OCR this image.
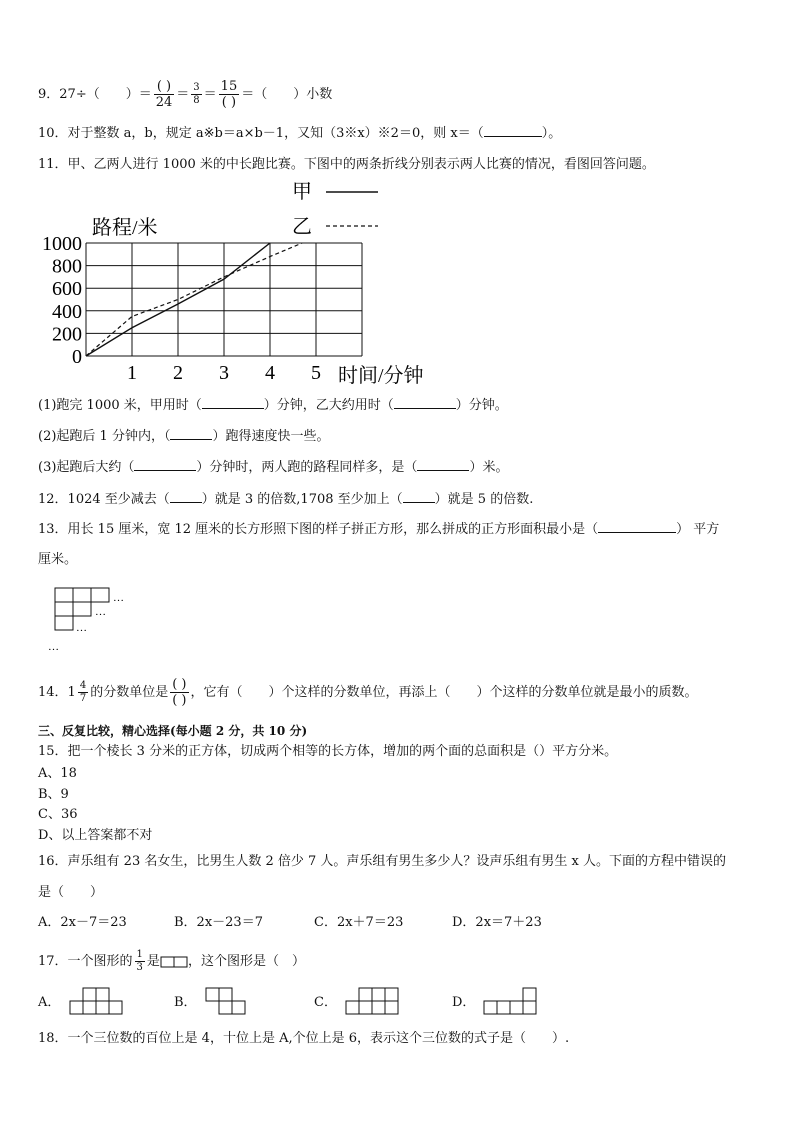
9．27÷（　　）＝ $\frac{( )}{24} = \frac{3}{8} = \frac{15}{( )}$ ＝（　　）小数
10．对于整数 a，b，规定 a※b＝a×b－1，又知（3※x）※2＝0，则 x＝（	）。
11．甲、乙两人进行 1000 米的中长跑比赛。下图中的两条折线分别表示两人比赛的情况，看图回答问题。
甲
乙
路程/米
时间/分钟
0
200
400
600
800
1000
1 2 3 4 5
(1)跑完 1000 米，甲用时（	）分钟，乙大约用时（	）分钟。
(2)起跑后 1 分钟内，（	）跑得速度快一些。
(3)起跑后大约（	）分钟时，两人跑的路程同样多，是（	）米。
12．1024 至少减去（ ）就是 3 的倍数,1708 至少加上（ ）就是 5 的倍数.
13．用长 15 厘米，宽 12 厘米的长方形照下图的样子拼正方形，那么拼成的正方形面积最小是（	） 平方
厘米。
…
…
…
…
14．$1 \frac{4}{7}$ 的分数单位是 $\frac{( )}{( )}$ ，它有（　　）个这样的分数单位，再添上（　　）个这样的分数单位就是最小的质数。
三、反复比较，精心选择(每小题 2 分，共 10 分)
15．把一个棱长 3 分米的正方体，切成两个相等的长方体，增加的两个面的总面积是（）平方分米。
A、18
B、9
C、36
D、以上答案都不对
16．声乐组有 23 名女生，比男生人数 2 倍少 7 人。声乐组有男生多少人？设声乐组有男生 x 人。下面的方程中错误的
是（　　）
A．2x－7＝23	B．2x－23＝7	C．2x＋7＝23	D．2x＝7＋23
17．一个图形的 $\frac{1}{3}$ 是 ，这个图形是（　）
A．	B．	C．	D．
18．一个三位数的百位上是 4，十位上是 A,个位上是 6，表示这个三位数的式子是（　　）.
